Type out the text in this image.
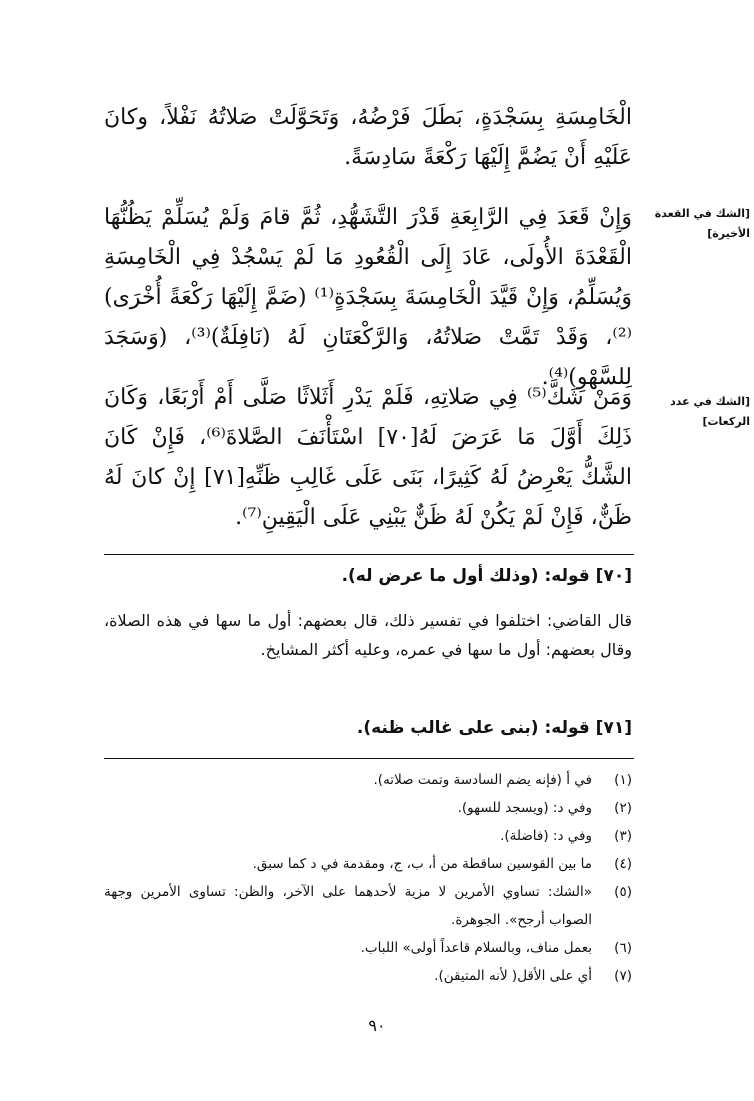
الْخَامِسَةِ بِسَجْدَةٍ، بَطَلَ فَرْضُهُ، وَتَحَوَّلَتْ صَلاتُهُ نَفْلاً، وكانَ عَلَيْهِ أَنْ يَضُمَّ إِلَيْهَا رَكْعَةً سَادِسَةً.

[الشك في القعدة الأخيرة]

وَإِنْ قَعَدَ فِي الرَّابِعَةِ قَدْرَ التَّشَهُّدِ، ثُمَّ قامَ وَلَمْ يُسَلِّمْ يَظُنُّهَا الْقَعْدَةَ الأُولَى، عَادَ إِلَى الْقُعُودِ مَا لَمْ يَسْجُدْ فِي الْخَامِسَةِ وَيُسَلِّمُ، وَإِنْ قَيَّدَ الْخَامِسَةَ بِسَجْدَةٍ⁽¹⁾ (ضَمَّ إِلَيْهَا رَكْعَةً أُخْرَى)⁽²⁾، وَقَدْ تَمَّتْ صَلاتُهُ، وَالرَّكْعَتَانِ لَهُ (نَافِلَةٌ)⁽³⁾، (وَسَجَدَ لِلسَّهْوِ)⁽⁴⁾.

[الشك في عدد الركعات]

وَمَنْ شَكَّ⁽⁵⁾ فِي صَلاتِهِ، فَلَمْ يَدْرِ أَثَلاثًا صَلَّى أَمْ أَرْبَعًا، وَكَانَ ذَلِكَ أَوَّلَ مَا عَرَضَ لَهُ[٧٠] اسْتَأْنَفَ الصَّلاةَ⁽⁶⁾، فَإِنْ كَانَ الشَّكُّ يَعْرِضُ لَهُ كَثِيرًا، بَنَى عَلَى غَالِبِ ظَنِّهِ[٧١] إِنْ كانَ لَهُ ظَنٌّ، فَإِنْ لَمْ يَكُنْ لَهُ ظَنٌّ يَبْنِي عَلَى الْيَقِينِ⁽⁷⁾.

[٧٠] قوله: (وذلك أول ما عرض له).
قال القاضي: اختلفوا في تفسير ذلك، قال بعضهم: أول ما سها في هذه الصلاة، وقال بعضهم: أول ما سها في عمره، وعليه أكثر المشايخ.
[٧١] قوله: (بنى على غالب ظنه).
(١)
في أ (فإنه يضم السادسة وتمت صلاته).
(٢)
وفي د: (ويسجد للسهو).
(٣)
وفي د: (فاضلة).
(٤)
ما بين القوسين ساقطة من أ، ب، ج، ومقدمة في د كما سبق.
(٥)
«الشك: تساوي الأمرين لا مزية لأحدهما على الآخر، والظن: تساوى الأمرين وجهة الصواب أرجح». الجوهرة.
(٦)
بعمل مناف، وبالسلام قاعداً أولى» اللباب.
(٧)
أي على الأقل( لأنه المتيقن).
٩٠
